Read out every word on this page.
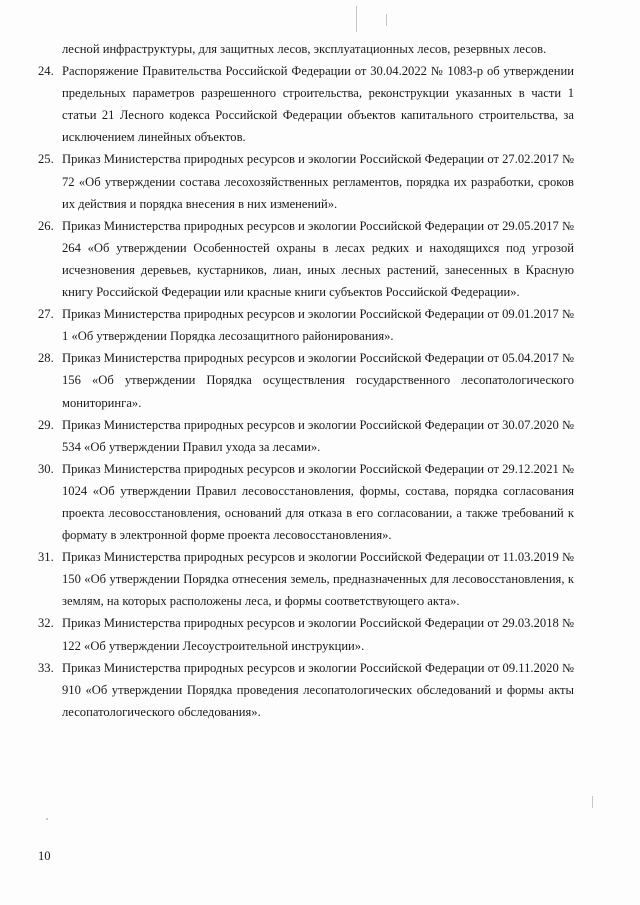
лесной инфраструктуры, для защитных лесов, эксплуатационных лесов, резервных лесов.

24. Распоряжение Правительства Российской Федерации от 30.04.2022 № 1083-р об утверждении предельных параметров разрешенного строительства, реконструкции указанных в части 1 статьи 21 Лесного кодекса Российской Федерации объектов капитального строительства, за исключением линейных объектов.
25. Приказ Министерства природных ресурсов и экологии Российской Федерации от 27.02.2017 № 72 «Об утверждении состава лесохозяйственных регламентов, порядка их разработки, сроков их действия и порядка внесения в них изменений».
26. Приказ Министерства природных ресурсов и экологии Российской Федерации от 29.05.2017 № 264 «Об утверждении Особенностей охраны в лесах редких и находящихся под угрозой исчезновения деревьев, кустарников, лиан, иных лесных растений, занесенных в Красную книгу Российской Федерации или красные книги субъектов Российской Федерации».
27. Приказ Министерства природных ресурсов и экологии Российской Федерации от 09.01.2017 № 1 «Об утверждении Порядка лесозащитного районирования».
28. Приказ Министерства природных ресурсов и экологии Российской Федерации от 05.04.2017 № 156 «Об утверждении Порядка осуществления государственного лесопатологического мониторинга».
29. Приказ Министерства природных ресурсов и экологии Российской Федерации от 30.07.2020 № 534 «Об утверждении Правил ухода за лесами».
30. Приказ Министерства природных ресурсов и экологии Российской Федерации от 29.12.2021 № 1024 «Об утверждении Правил лесовосстановления, формы, состава, порядка согласования проекта лесовосстановления, оснований для отказа в его согласовании, а также требований к формату в электронной форме проекта лесовосстановления».
31. Приказ Министерства природных ресурсов и экологии Российской Федерации от 11.03.2019 № 150 «Об утверждении Порядка отнесения земель, предназначенных для лесовосстановления, к землям, на которых расположены леса, и формы соответствующего акта».
32. Приказ Министерства природных ресурсов и экологии Российской Федерации от 29.03.2018 № 122 «Об утверждении Лесоустроительной инструкции».
33. Приказ Министерства природных ресурсов и экологии Российской Федерации от 09.11.2020 № 910 «Об утверждении Порядка проведения лесопатологических обследований и формы акты лесопатологического обследования».
10
